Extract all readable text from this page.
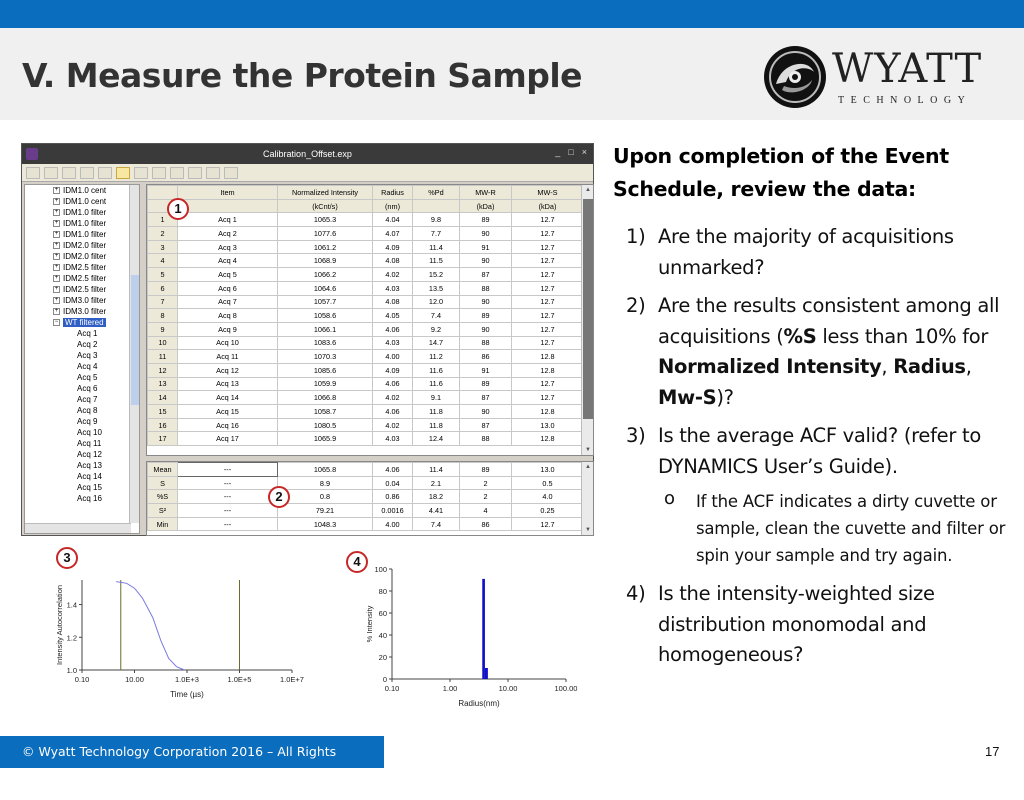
V. Measure the Protein Sample	WYATT
TECHNOLOGY
Calibration_Offset.exp	_ □ ×
+ IDM1.0 cent
+ IDM1.0 cent
+ IDM1.0 filter
+ IDM1.0 filter
+ IDM1.0 filter
+ IDM2.0 filter
+ IDM2.0 filter
+ IDM2.5 filter
+ IDM2.5 filter
+ IDM2.5 filter
+ IDM3.0 filter
+ IDM3.0 filter
− WT filtered
Acq 1
Acq 2
Acq 3
Acq 4
Acq 5
Acq 6
Acq 7
Acq 8
Acq 9
Acq 10
Acq 11
Acq 12
Acq 13
Acq 14
Acq 15
Acq 16
	Item	Normalized Intensity	Radius	%Pd	MW-R	MW-S
		(kCnt/s)	(nm)		(kDa)	(kDa)
1	Acq 1	1065.3	4.04	9.8	89	12.7
2	Acq 2	1077.6	4.07	7.7	90	12.7
3	Acq 3	1061.2	4.09	11.4	91	12.7
4	Acq 4	1068.9	4.08	11.5	90	12.7
5	Acq 5	1066.2	4.02	15.2	87	12.7
6	Acq 6	1064.6	4.03	13.5	88	12.7
7	Acq 7	1057.7	4.08	12.0	90	12.7
8	Acq 8	1058.6	4.05	7.4	89	12.7
9	Acq 9	1066.1	4.06	9.2	90	12.7
10	Acq 10	1083.6	4.03	14.7	88	12.7
11	Acq 11	1070.3	4.00	11.2	86	12.8
12	Acq 12	1085.6	4.09	11.6	91	12.8
13	Acq 13	1059.9	4.06	11.6	89	12.7
14	Acq 14	1066.8	4.02	9.1	87	12.7
15	Acq 15	1058.7	4.06	11.8	90	12.8
16	Acq 16	1080.5	4.02	11.8	87	13.0
17	Acq 17	1065.9	4.03	12.4	88	12.8
▲
▼
Mean	---	1065.8	4.06	11.4	89	13.0
S	---	8.9	0.04	2.1	2	0.5
%S	---	0.8	0.86	18.2	2	4.0
S²	---	79.21	0.0016	4.41	4	0.25
Min	---	1048.3	4.00	7.4	86	12.7
▲
▼
1
2
3	4
0.10	10.00	1.0E+3	1.0E+5	1.0E+7
1.0
1.2
1.4
Time (µs)
Intensity Autocorrelation
0.10	1.00	10.00	100.00
0
20
40
60
80
100
Radius(nm)
% Intensity
Upon completion of the Event Schedule, review the data:
1) Are the majority of acquisitions unmarked?
2) Are the results consistent among all acquisitions (%S less than 10% for Normalized Intensity, Radius, Mw-S)?
3) Is the average ACF valid? (refer to DYNAMICS User’s Guide).
o If the ACF indicates a dirty cuvette or sample, clean the cuvette and filter or spin your sample and try again.
4) Is the intensity-weighted size distribution monomodal and homogeneous?
© Wyatt Technology Corporation 2016 – All Rights Reserved
17
